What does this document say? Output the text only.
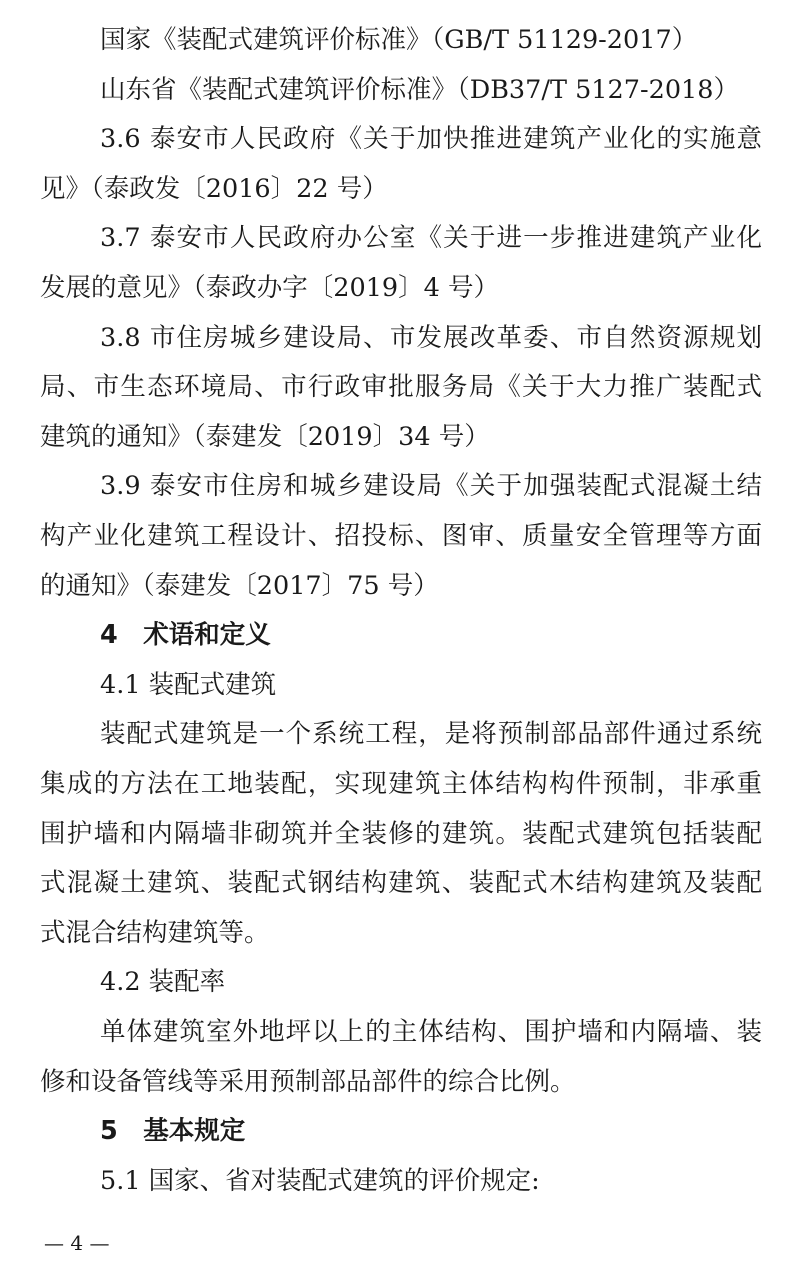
国家《装配式建筑评价标准》（GB/T 51129-2017）
山东省《装配式建筑评价标准》（DB37/T 5127-2018）
3.6 泰安市人民政府《关于加快推进建筑产业化的实施意
见》（泰政发〔2016〕22 号）
3.7 泰安市人民政府办公室《关于进一步推进建筑产业化
发展的意见》（泰政办字〔2019〕4 号）
3.8 市住房城乡建设局、市发展改革委、市自然资源规划
局、市生态环境局、市行政审批服务局《关于大力推广装配式
建筑的通知》（泰建发〔2019〕34 号）
3.9 泰安市住房和城乡建设局《关于加强装配式混凝土结
构产业化建筑工程设计、招投标、图审、质量安全管理等方面
的通知》（泰建发〔2017〕75 号）
4　术语和定义
4.1 装配式建筑
装配式建筑是一个系统工程，是将预制部品部件通过系统
集成的方法在工地装配，实现建筑主体结构构件预制，非承重
围护墙和内隔墙非砌筑并全装修的建筑。装配式建筑包括装配
式混凝土建筑、装配式钢结构建筑、装配式木结构建筑及装配
式混合结构建筑等。
4.2 装配率
单体建筑室外地坪以上的主体结构、围护墙和内隔墙、装
修和设备管线等采用预制部品部件的综合比例。
5　基本规定
5.1 国家、省对装配式建筑的评价规定:
— 4 —
